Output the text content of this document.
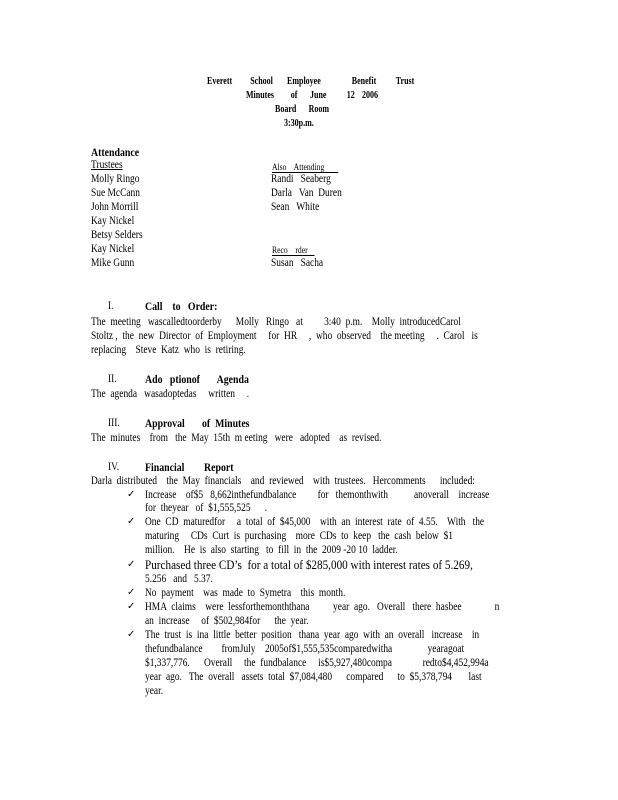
Everett School Employee	Benefit Trust
Minutes of June 12 2006
Board Room
3:30p.m.
Attendance
Trustees
Molly Ringo
Sue McCann
John Morrill
Kay Nickel
Betsy Selders
Kay Nickel
Mike Gunn
Also    Attending
Randi   Seaberg
Darla   Van  Duren
Sean   White
Reco    rder
Susan   Sacha
I.	Call    to   Order:
The  meeting   wascalledtoorderby      Molly   Ringo   at         3:40  p.m.    Molly  introducedCarol
Stoltz ,  the  new  Director  of  Employment     for  HR     ,  who  observed    the meeting     .  Carol   is
replacing    Steve  Katz  who  is  retiring.
II. Ado   ptionof       Agenda
The  agenda   wasadoptedas     written     .
III. Approval       of  Minutes
The  minutes    from   the  May  15th  m eeting   were   adopted    as  revised.
IV. Financial        Report
Darla  distributed    the  May  financials    and  reviewed    with  trustees.   Hercomments      included:
✓ Increase    of$5   8,662inthefundbalance         for   themonthwith           anoverall    increase
for  theyear   of  $1,555,525      .
✓ One  CD  maturedfor     a  total  of  $45,000    with  an  interest  rate  of  4.55.    With   the
maturing     CDs  Curt  is  purchasing    more  CDs  to  keep   the  cash  below  $1
million.    He  is  also  starting   to  fill  in  the  2009 -20 10  ladder.
✓ Purchased three CD’s  for a total of $285,000 with interest rates of 5.269,
5.256   and   5.37.
✓ No  payment    was  made  to  Symetra    this  month.
✓ HMA  claims    were  lessforthemonththana          year  ago.   Overall   there  hasbee              n
an  increase     of  $502,984for      the  year.
✓ The  trust  is  ina  little  better  position   thana  year  ago  with  an  overall   increase    in
thefundbalance        fromJuly    2005of$1,555,535comparedwitha               yearagoat
$1,337,776.      Overall     the  fundbalance     is$5,927,480compa             redto$4,452,994a
year  ago.   The  overall   assets  total  $7,084,480      compared      to  $5,378,794       last
year.
